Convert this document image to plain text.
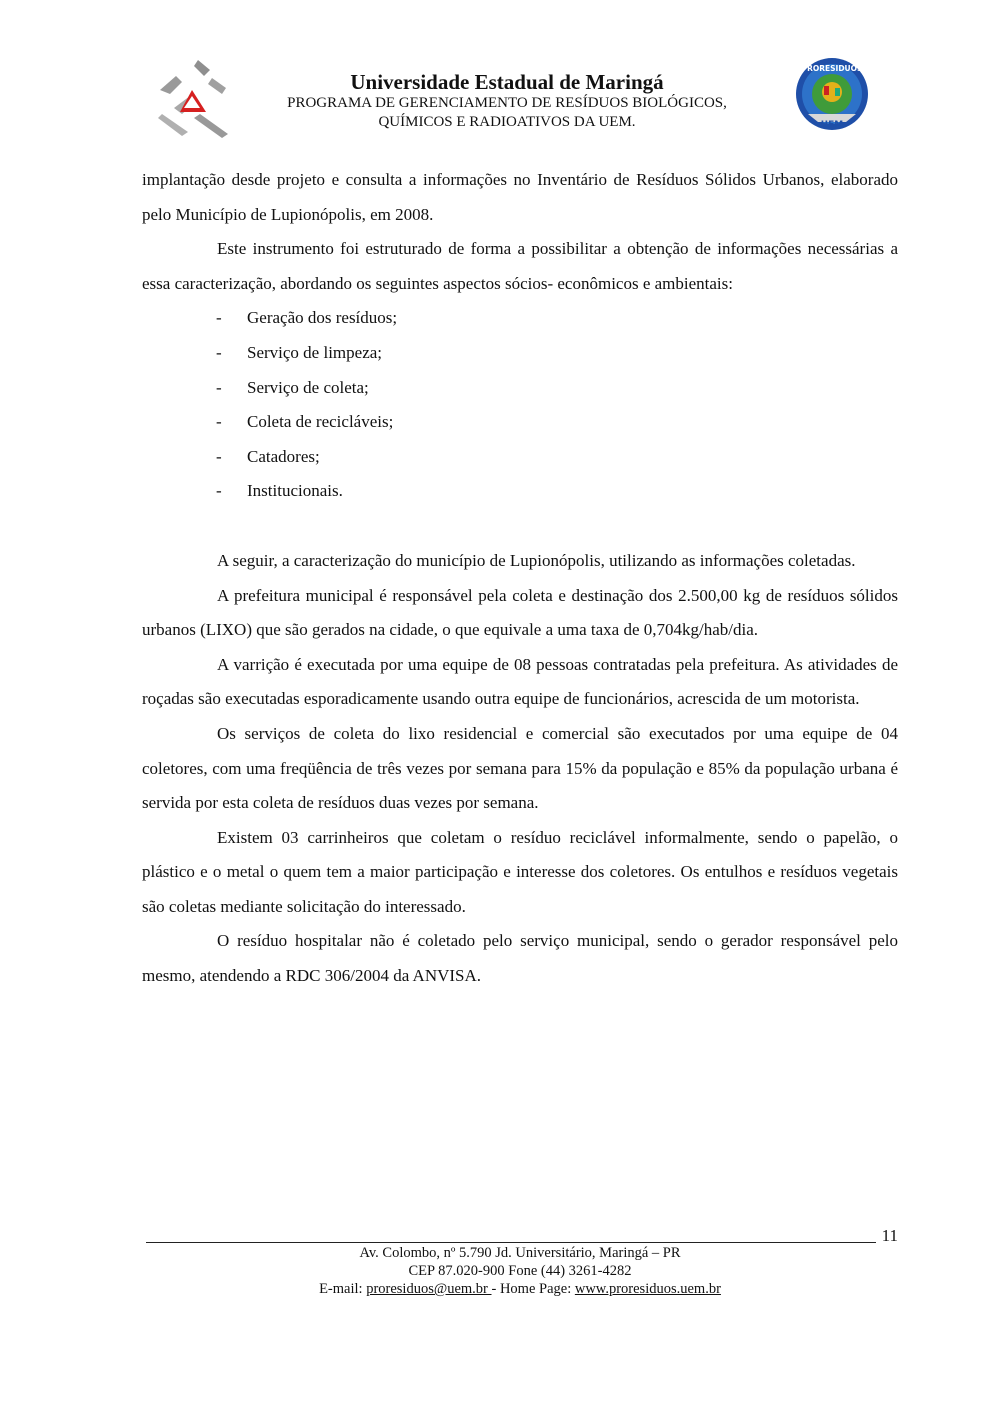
Universidade Estadual de Maringá
PROGRAMA DE GERENCIAMENTO DE RESÍDUOS BIOLÓGICOS,
QUÍMICOS E RADIOATIVOS DA UEM.	UEM
PRORESIDUOS

implantação desde projeto e consulta a informações no Inventário de Resíduos Sólidos Urbanos, elaborado pelo Município de Lupionópolis, em 2008.

Este instrumento foi estruturado de forma a possibilitar a obtenção de informações necessárias a essa caracterização, abordando os seguintes aspectos sócios- econômicos e ambientais:

- Geração dos resíduos;
- Serviço de limpeza;
- Serviço de coleta;
- Coleta de recicláveis;
- Catadores;
- Institucionais.

A seguir, a caracterização do município de Lupionópolis, utilizando as informações coletadas.

A prefeitura municipal é responsável pela coleta e destinação dos 2.500,00 kg de resíduos sólidos urbanos (LIXO) que são gerados na cidade, o que equivale a uma taxa de 0,704kg/hab/dia.

A varrição é executada por uma equipe de 08 pessoas contratadas pela prefeitura. As atividades de roçadas são executadas esporadicamente usando outra equipe de funcionários, acrescida de um motorista.

Os serviços de coleta do lixo residencial e comercial são executados por uma equipe de 04 coletores, com uma freqüência de três vezes por semana para 15% da população e 85% da população urbana é servida por esta coleta de resíduos duas vezes por semana.

Existem 03 carrinheiros que coletam o resíduo reciclável informalmente, sendo o papelão, o plástico e o metal o quem tem a maior participação e interesse dos coletores. Os entulhos e resíduos vegetais são coletas mediante solicitação do interessado.

O resíduo hospitalar não é coletado pelo serviço municipal, sendo o gerador responsável pelo mesmo, atendendo a RDC 306/2004 da ANVISA.

11
Av. Colombo, nº 5.790 Jd. Universitário, Maringá – PR
CEP 87.020-900 Fone (44) 3261-4282
E-mail: proresiduos@uem.br - Home Page: www.proresiduos.uem.br
